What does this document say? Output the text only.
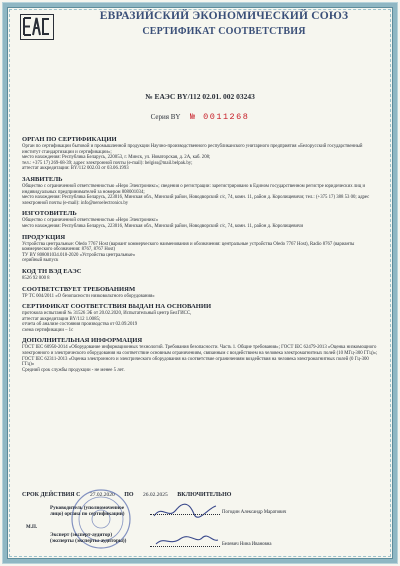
ЕВРАЗИЙСКИЙ ЭКОНОМИЧЕСКИЙ СОЮЗ
СЕРТИФИКАТ СООТВЕТСТВИЯ
№ ЕАЭС BY/112 02.01. 002 03243
Серия BY № 0011268
ОРГАН ПО СЕРТИФИКАЦИИ
Орган по сертификации бытовой и промышленной продукции Научно-производственного республиканского унитарного предприятия «Белорусский государственный институт стандартизации и сертификации»;
место нахождения: Республика Беларусь, 220053, г. Минск, ул. Новаторская, д. 2А, каб. 208;
тел.: +375 17) 269-68-39; адрес электронной почты (e-mail): belgiss@mail.belpak.by;
аттестат аккредитации: BY/112 002.03 от 03.06.1993
ЗАЯВИТЕЛЬ
Общество с ограниченной ответственностью «Неро Электроникс»; сведения о регистрации: зарегистрировано в Едином государственном регистре юридических лиц и индивидуальных предпринимателей за номером 808001034;
место нахождения: Республика Беларусь, 223016, Минская обл., Минский район, Новодворский с/с, 74, комн. 11, район д. Королищевичи; тел.: (+375 17) 388 53 00; адрес электронной почты (e-mail): info@neroelectronics.by
ИЗГОТОВИТЕЛЬ
Общество с ограниченной ответственностью «Неро Электроникс»
место нахождения: Республика Беларусь, 223016, Минская обл., Минский район, Новодворский с/с, 74, комн. 11, район д. Королищевичи
ПРОДУКЦИЯ
Устройства центральные: Oledo 7767 Host (вариант коммерческого наименования и обозначения: центральные устройства Oledo 7767 Host), Radio 8767 (варианты коммерческого обозначения: 8767, 8767 Host)
ТУ BY 808001034.018-2020 «Устройства центральные»
серийный выпуск
КОД ТН ВЭД ЕАЭС
8526 92 000 8
СООТВЕТСТВУЕТ ТРЕБОВАНИЯМ
ТР ТС 004/2011 «О безопасности низковольтного оборудования»
СЕРТИФИКАТ СООТВЕТСТВИЯ ВЫДАН НА ОСНОВАНИИ
протокола испытаний № 31526 ЭБ от 20.02.2020, Испытательный центр БелГИСС,
аттестат аккредитации BY/112 1.0085;
отчета об анализе состояния производства от 02.09.2019
схема сертификации – 1с
ДОПОЛНИТЕЛЬНАЯ ИНФОРМАЦИЯ
ГОСТ IEC 60950-2014 «Оборудование информационных технологий. Требования безопасности. Часть 1. Общие требования»; ГОСТ IEC 62479-2013 «Оценка низкомощного электронного и электрического оборудования на соответствие основным ограничениям, связанным с воздействием на человека электромагнитных полей (10 МГц-300 ГГц)»; ГОСТ IEC 62311-2013 «Оценка электронного и электрического оборудования на соответствие ограничениям воздействия на человека электромагнитных полей (0 Гц-300 ГГц)»
Средний срок службы продукции - не менее 5 лет.
СРОК ДЕЙСТВИЯ С 27.02.2020 ПО 26.02.2025 ВКЛЮЧИТЕЛЬНО
М.П.
Руководитель (уполномоченное
лицо) органа по сертификации)	Погодин Александр Маратович
Эксперт (эксперт-аудитор)
(эксперты (эксперты-аудиторы))
Белевич Нина Ивановна
